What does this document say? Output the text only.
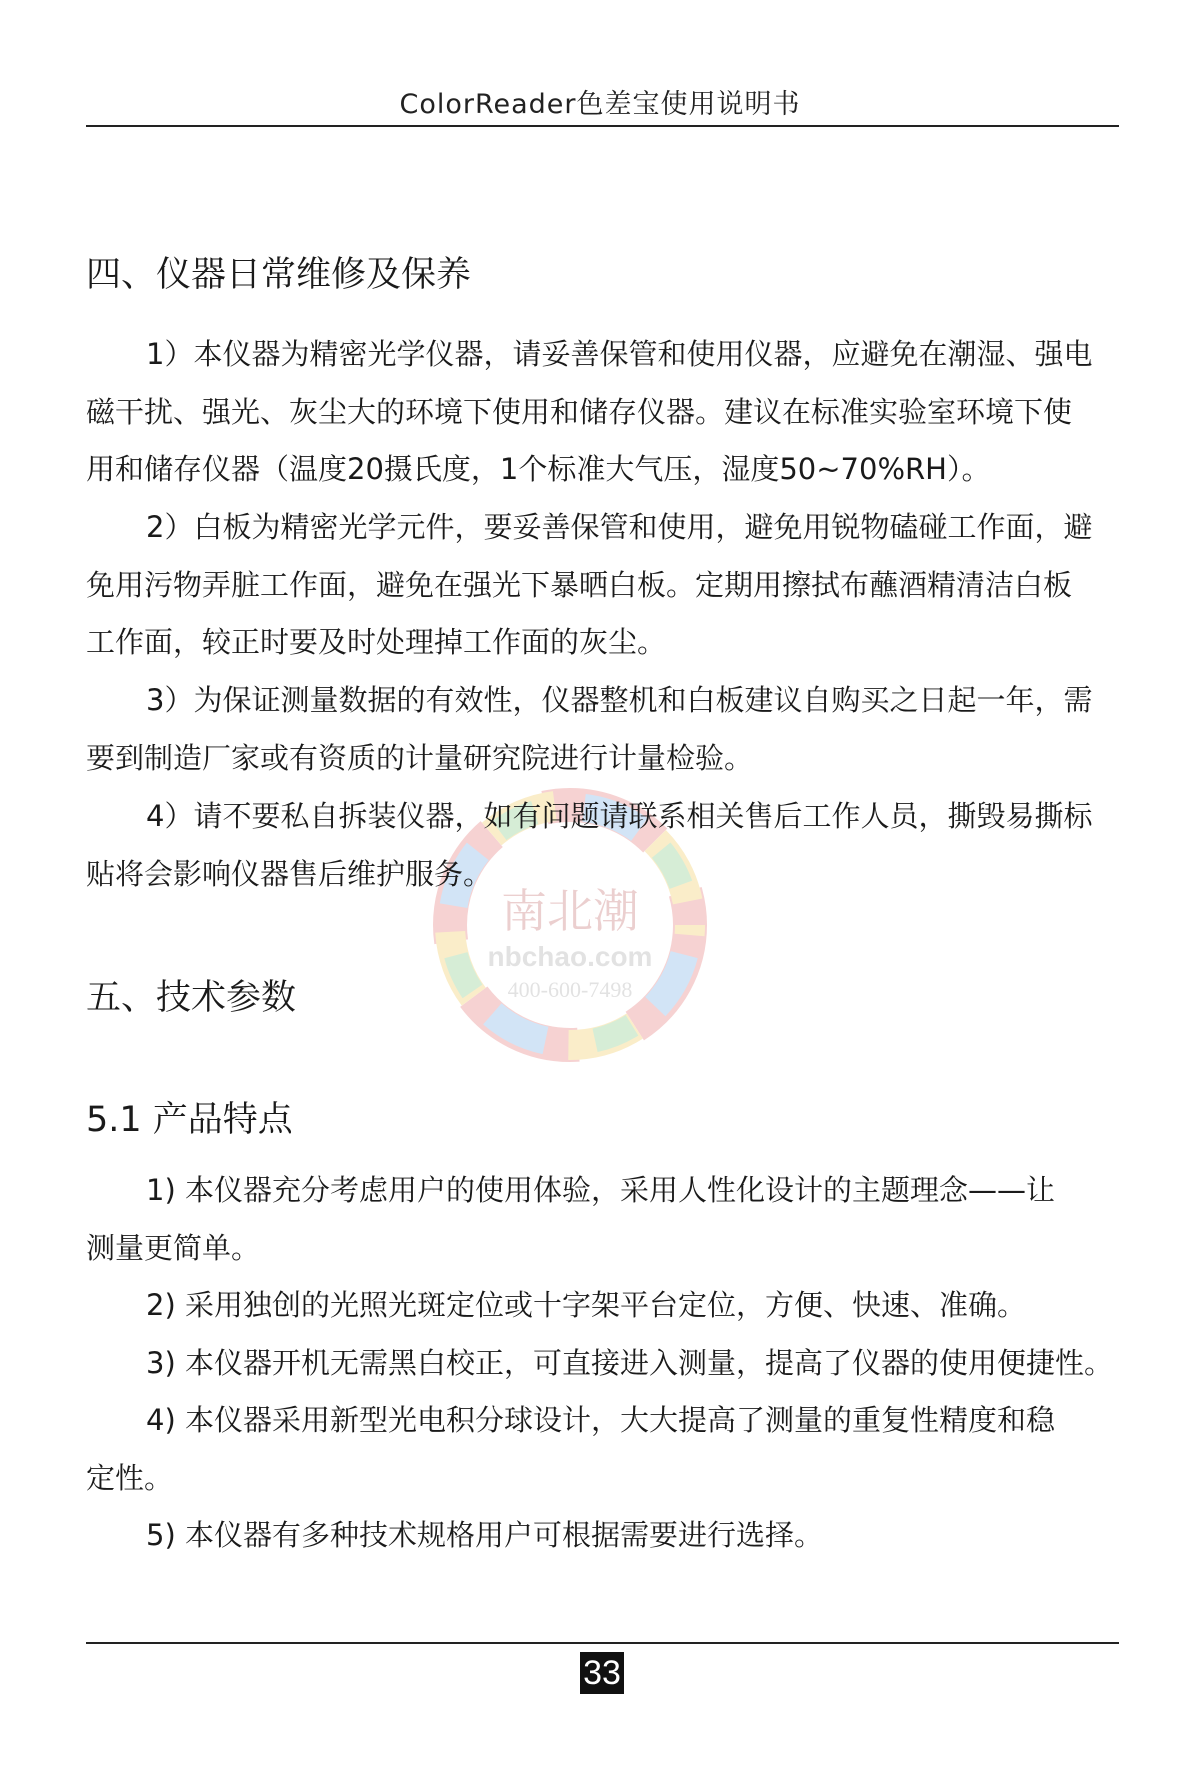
ColorReader色差宝使用说明书
南北潮
nbchao.com
400-600-7498
四、仪器日常维修及保养
1）本仪器为精密光学仪器，请妥善保管和使用仪器，应避免在潮湿、强电
磁干扰、强光、灰尘大的环境下使用和储存仪器。建议在标准实验室环境下使
用和储存仪器（温度20摄氏度，1个标准大气压，湿度50~70%RH）。
2）白板为精密光学元件，要妥善保管和使用，避免用锐物磕碰工作面，避
免用污物弄脏工作面，避免在强光下暴晒白板。定期用擦拭布蘸酒精清洁白板
工作面，较正时要及时处理掉工作面的灰尘。
3）为保证测量数据的有效性，仪器整机和白板建议自购买之日起一年，需
要到制造厂家或有资质的计量研究院进行计量检验。
4）请不要私自拆装仪器，如有问题请联系相关售后工作人员，撕毁易撕标
贴将会影响仪器售后维护服务。
五、技术参数
5.1 产品特点
1) 本仪器充分考虑用户的使用体验，采用人性化设计的主题理念——让
测量更简单。
2) 采用独创的光照光斑定位或十字架平台定位，方便、快速、准确。
3) 本仪器开机无需黑白校正，可直接进入测量，提高了仪器的使用便捷性。
4) 本仪器采用新型光电积分球设计，大大提高了测量的重复性精度和稳
定性。
5) 本仪器有多种技术规格用户可根据需要进行选择。
33
